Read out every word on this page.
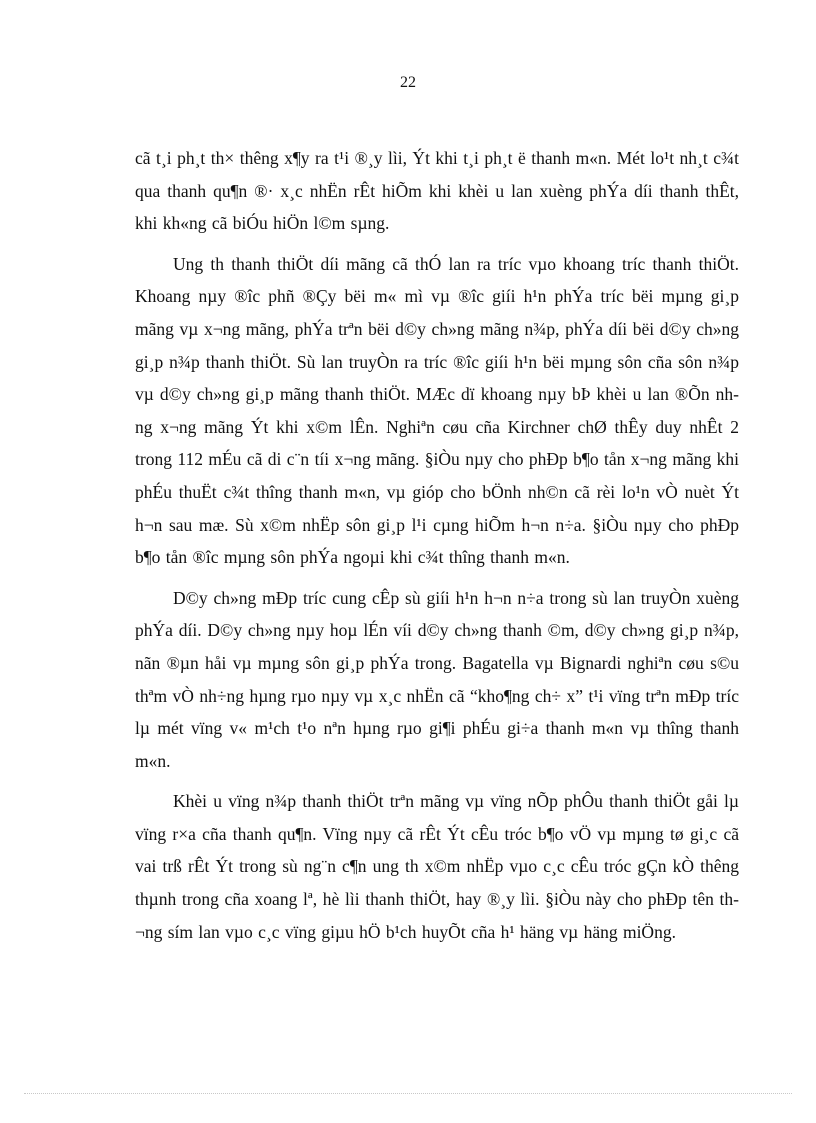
22

cã t¸i ph¸t th× thêng x¶y ra t¹i ®¸y lìi, Ýt khi t¸i ph¸t ë thanh m«n. Mét lo¹t nh¸t c¾t qua thanh qu¶n ®· x¸c nhËn rÊt hiÕm khi khèi u lan xuèng phÝa díi thanh thÊt, khi kh«ng cã biÓu hiÖn l©m sµng.

Ung th thanh thiÖt díi mãng cã thÓ lan ra tríc vµo khoang tríc thanh thiÖt. Khoang nµy ®îc phñ ®Çy bëi m« mì vµ ®îc giíi h¹n phÝa tríc bëi mµng gi¸p mãng vµ x¬ng mãng, phÝa trªn bëi d©y ch»ng mãng n¾p, phÝa díi bëi d©y ch»ng gi¸p n¾p thanh thiÖt. Sù lan truyÒn ra tríc ®îc giíi h¹n bëi mµng sôn cña sôn n¾p vµ d©y ch»ng gi¸p mãng thanh thiÖt. MÆc dï khoang nµy bÞ khèi u lan ®Õn nhng x¬ng mãng Ýt khi x©m lÊn. Nghiªn cøu cña Kirchner chØ thÊy duy nhÊt 2 trong 112 mÉu cã di c¨n tíi x¬ng mãng. §iÒu nµy cho phÐp b¶o tån x¬ng mãng khi phÉu thuËt c¾t thîng thanh m«n, vµ gióp cho bÖnh nh©n cã rèi lo¹n vÒ nuèt Ýt h¬n sau mæ. Sù x©m nhËp sôn gi¸p l¹i cµng hiÕm h¬n n÷a. §iÒu nµy cho phÐp b¶o tån ®îc mµng sôn phÝa ngoµi khi c¾t thîng thanh m«n.

D©y ch»ng mÐp tríc cung cÊp sù giíi h¹n h¬n n÷a trong sù lan truyÒn xuèng phÝa díi. D©y ch»ng nµy hoµ lÉn víi d©y ch»ng thanh ©m, d©y ch»ng gi¸p n¾p, nãn ®µn håi vµ mµng sôn gi¸p phÝa trong. Bagatella vµ Bignardi nghiªn cøu s©u thªm vÒ nh÷ng hµng rµo nµy vµ x¸c nhËn cã “kho¶ng ch÷ x” t¹i vïng trªn mÐp tríc lµ mét vïng v« m¹ch t¹o nªn hµng rµo gi¶i phÉu gi÷a thanh m«n vµ thîng thanh m«n.

Khèi u vïng n¾p thanh thiÖt trªn mãng vµ vïng nÕp phÔu thanh thiÖt gåi lµ vïng r×a cña thanh qu¶n. Vïng nµy cã rÊt Ýt cÊu tróc b¶o vÖ vµ mµng tø gi¸c cã vai trß rÊt Ýt trong sù ng¨n c¶n ung th x©m nhËp vµo c¸c cÊu tróc gÇn kÒ thêng thµnh trong cña xoang lª, hè lìi thanh thiÖt, hay ®¸y lìi. §iÒu này cho phÐp tên th¬ng sím lan vµo c¸c vïng giµu hÖ b¹ch huyÕt cña h¹ häng vµ häng miÖng.
